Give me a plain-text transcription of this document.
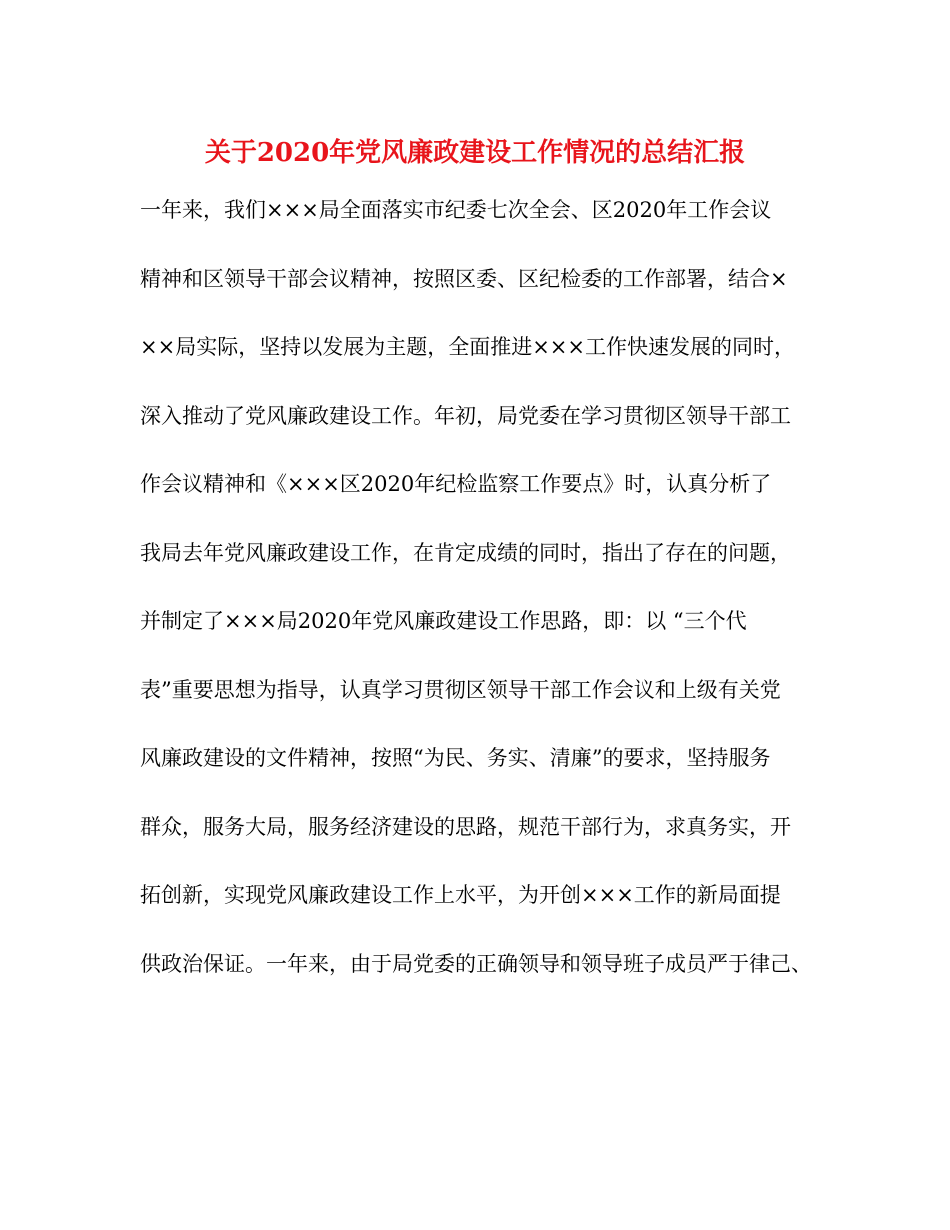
关于2020年党风廉政建设工作情况的总结汇报
一年来，我们×××局全面落实市纪委七次全会、区2020年工作会议
精神和区领导干部会议精神，按照区委、区纪检委的工作部署，结合×
××局实际，坚持以发展为主题，全面推进×××工作快速发展的同时，
深入推动了党风廉政建设工作。年初，局党委在学习贯彻区领导干部工
作会议精神和《×××区2020年纪检监察工作要点》时，认真分析了
我局去年党风廉政建设工作，在肯定成绩的同时，指出了存在的问题，
并制定了×××局2020年党风廉政建设工作思路，即：以 “三个代
表”重要思想为指导，认真学习贯彻区领导干部工作会议和上级有关党
风廉政建设的文件精神，按照“为民、务实、清廉”的要求，坚持服务
群众，服务大局，服务经济建设的思路，规范干部行为，求真务实，开
拓创新，实现党风廉政建设工作上水平，为开创×××工作的新局面提
供政治保证。一年来，由于局党委的正确领导和领导班子成员严于律己、
